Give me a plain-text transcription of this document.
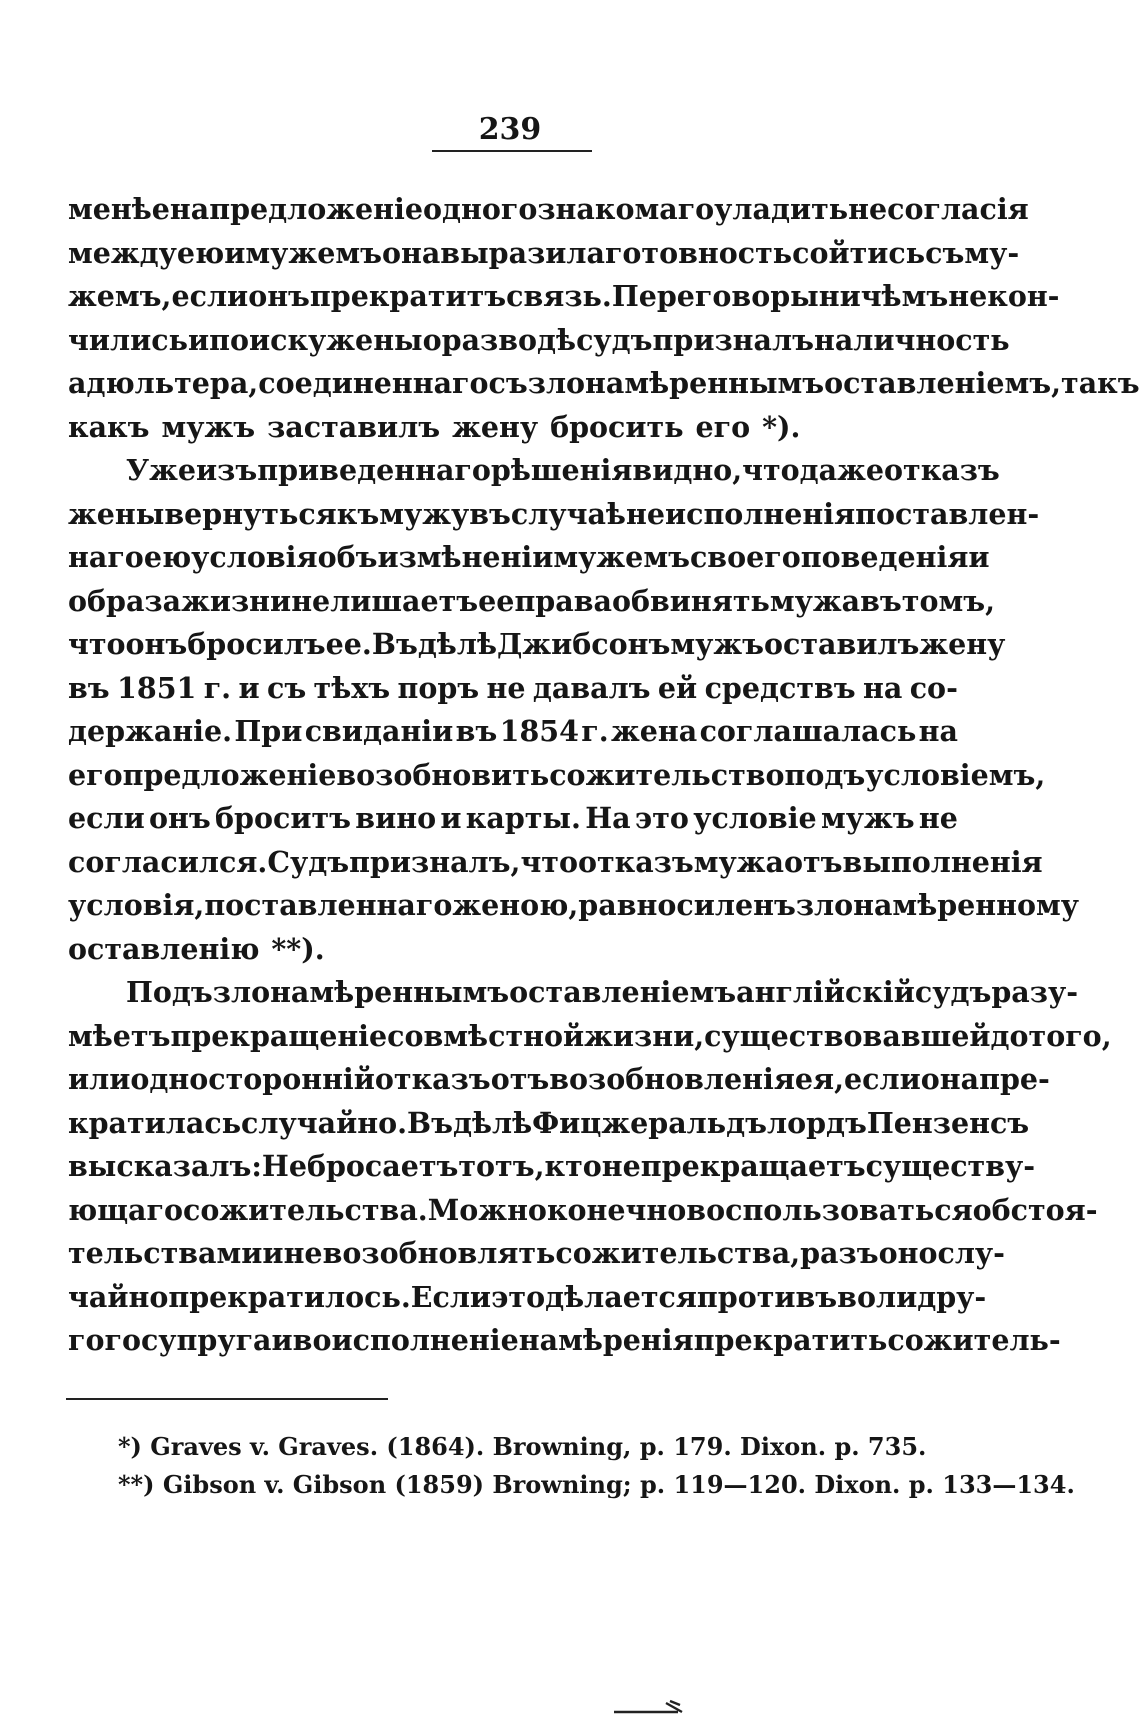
239
менѣе на предложеніе одного знакомаго уладить несогласія
между ею и мужемъ она выразила готовность сойтись съ му-
жемъ, если онъ прекратитъ связь. Переговоры ничѣмъ не кон-
чились и по иску жены о разводѣ судъ призналъ наличность
адюльтера, соединеннаго съ злонамѣреннымъ оставленіемъ, такъ
какъ мужъ заставилъ жену бросить его *).
Уже изъ приведеннаго рѣшенія видно, что даже отказъ
жены вернуться къ мужу въ случаѣ неисполненія поставлен-
наго ею условія объ измѣненіи мужемъ своего поведенія и
образа жизни не лишаетъ ее права обвинять мужа въ томъ,
что онъ бросилъ ее. Въ дѣлѣ Джибсонъ мужъ оставилъ жену
въ 1851 г. и съ тѣхъ поръ не давалъ ей средствъ на со-
держаніе. При свиданіи въ 1854 г. жена соглашалась на
его предложеніе возобновить сожительство подъ условіемъ,
если онъ броситъ вино и карты. На это условіе мужъ не
согласился. Судъ призналъ, что отказъ мужа отъ выполненія
условія, поставленнаго женою, равносиленъ злонамѣренному
оставленію **).
Подъ злонамѣреннымъ оставленіемъ англійскій судъ разу-
мѣетъ прекращеніе совмѣстной жизни, существовавшей до того,
или односторонній отказъ отъ возобновленія ея, если она пре-
кратилась случайно. Въ дѣлѣ Фицжеральдъ лордъ Пензенсъ
высказалъ: Не бросаетъ тотъ, кто не прекращаетъ существу-
ющаго сожительства. Можно конечно воспользоваться обстоя-
тельствами и не возобновлять сожительства, разъ оно слу-
чайно прекратилось. Если это дѣлается противъ воли дру-
гого супруга и во исполненіе намѣренія прекратить сожитель-
*) Graves v. Graves. (1864). Browning, p. 179. Dixon. p. 735.
**) Gibson v. Gibson (1859) Browning; p. 119—120. Dixon. p. 133—134.
